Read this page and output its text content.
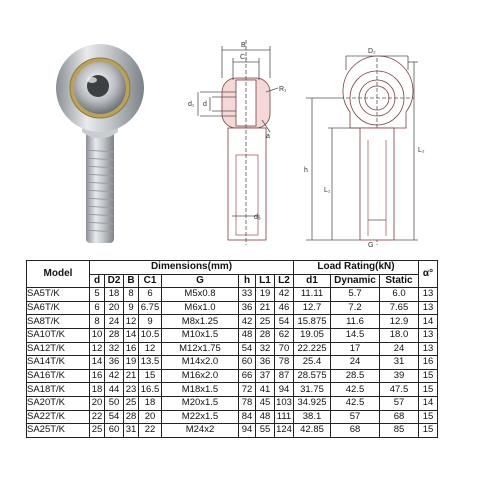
B
C₁
d₁ d
R₁
a
d₃
D₂
L₂
h
L₁
G
Model	Dimensions(mm)								Load Rating(kN)			α°
	d	D2	B	C1	G	h	L1	L2	d1	Dynamic	Static	
SA5T/K	5	18	8	6	M5x0.8	33	19	42	11.11	5.7	6.0	13
SA6T/K	6	20	9	6.75	M6x1.0	36	21	46	12.7	7.2	7.65	13
SA8T/K	8	24	12	9	M8x1.25	42	25	54	15.875	11.6	12.9	14
SA10T/K	10	28	14	10.5	M10x1.5	48	28	62	19.05	14.5	18.0	13
SA12T/K	12	32	16	12	M12x1.75	54	32	70	22.225	17	24	13
SA14T/K	14	36	19	13.5	M14x2.0	60	36	78	25.4	24	31	16
SA16T/K	16	42	21	15	M16x2.0	66	37	87	28.575	28.5	39	15
SA18T/K	18	44	23	16.5	M18x1.5	72	41	94	31.75	42.5	47.5	15
SA20T/K	20	50	25	18	M20x1.5	78	45	103	34.925	42.5	57	14
SA22T/K	22	54	28	20	M22x1.5	84	48	111	38.1	57	68	15
SA25T/K	25	60	31	22	M24x2	94	55	124	42.85	68	85	15
